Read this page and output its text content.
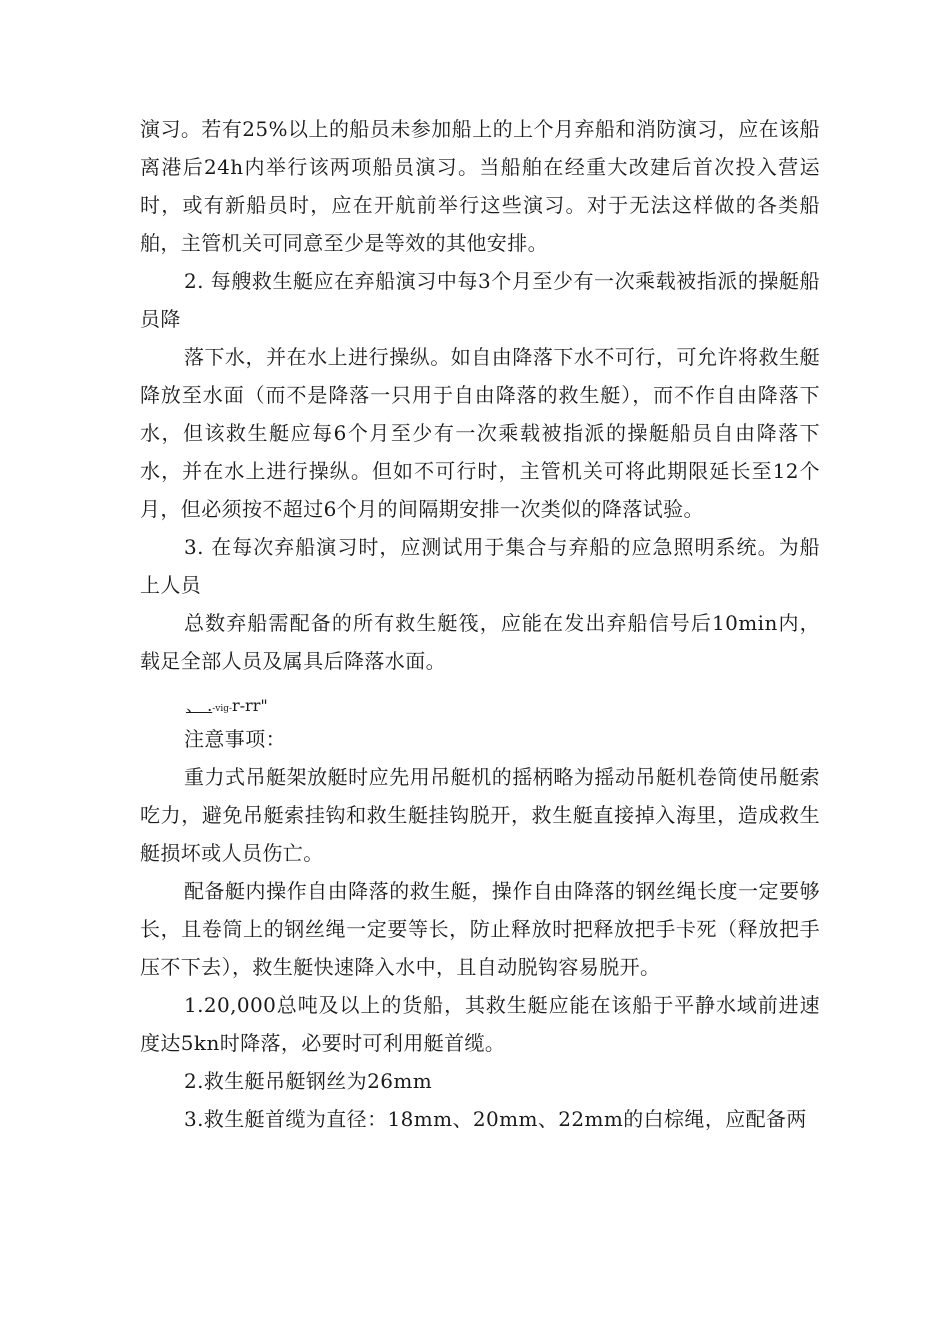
演习。若有25%以上的船员未参加船上的上个月弃船和消防演习，应在该船离港后24h内举行该两项船员演习。当船舶在经重大改建后首次投入营运时，或有新船员时，应在开航前举行这些演习。对于无法这样做的各类船舶，主管机关可同意至少是等效的其他安排。

2. 每艘救生艇应在弃船演习中每3个月至少有一次乘载被指派的操艇船员降

落下水，并在水上进行操纵。如自由降落下水不可行，可允许将救生艇降放至水面（而不是降落一只用于自由降落的救生艇），而不作自由降落下水，但该救生艇应每6个月至少有一次乘载被指派的操艇船员自由降落下水，并在水上进行操纵。但如不可行时，主管机关可将此期限延长至12个月，但必须按不超过6个月的间隔期安排一次类似的降落试验。

3. 在每次弃船演习时，应测试用于集合与弃船的应急照明系统。为船上人员

总数弃船需配备的所有救生艇筏，应能在发出弃船信号后10min内，载足全部人员及属具后降落水面。

、 .-vig-r-rr"

注意事项：

重力式吊艇架放艇时应先用吊艇机的摇柄略为摇动吊艇机卷筒使吊艇索吃力，避免吊艇索挂钩和救生艇挂钩脱开，救生艇直接掉入海里，造成救生艇损坏或人员伤亡。

配备艇内操作自由降落的救生艇，操作自由降落的钢丝绳长度一定要够长，且卷筒上的钢丝绳一定要等长，防止释放时把释放把手卡死（释放把手压不下去），救生艇快速降入水中，且自动脱钩容易脱开。

1.20,000总吨及以上的货船，其救生艇应能在该船于平静水域前进速度达5kn时降落，必要时可利用艇首缆。

2.救生艇吊艇钢丝为26mm

3.救生艇首缆为直径：18mm、20mm、22mm的白棕绳，应配备两
